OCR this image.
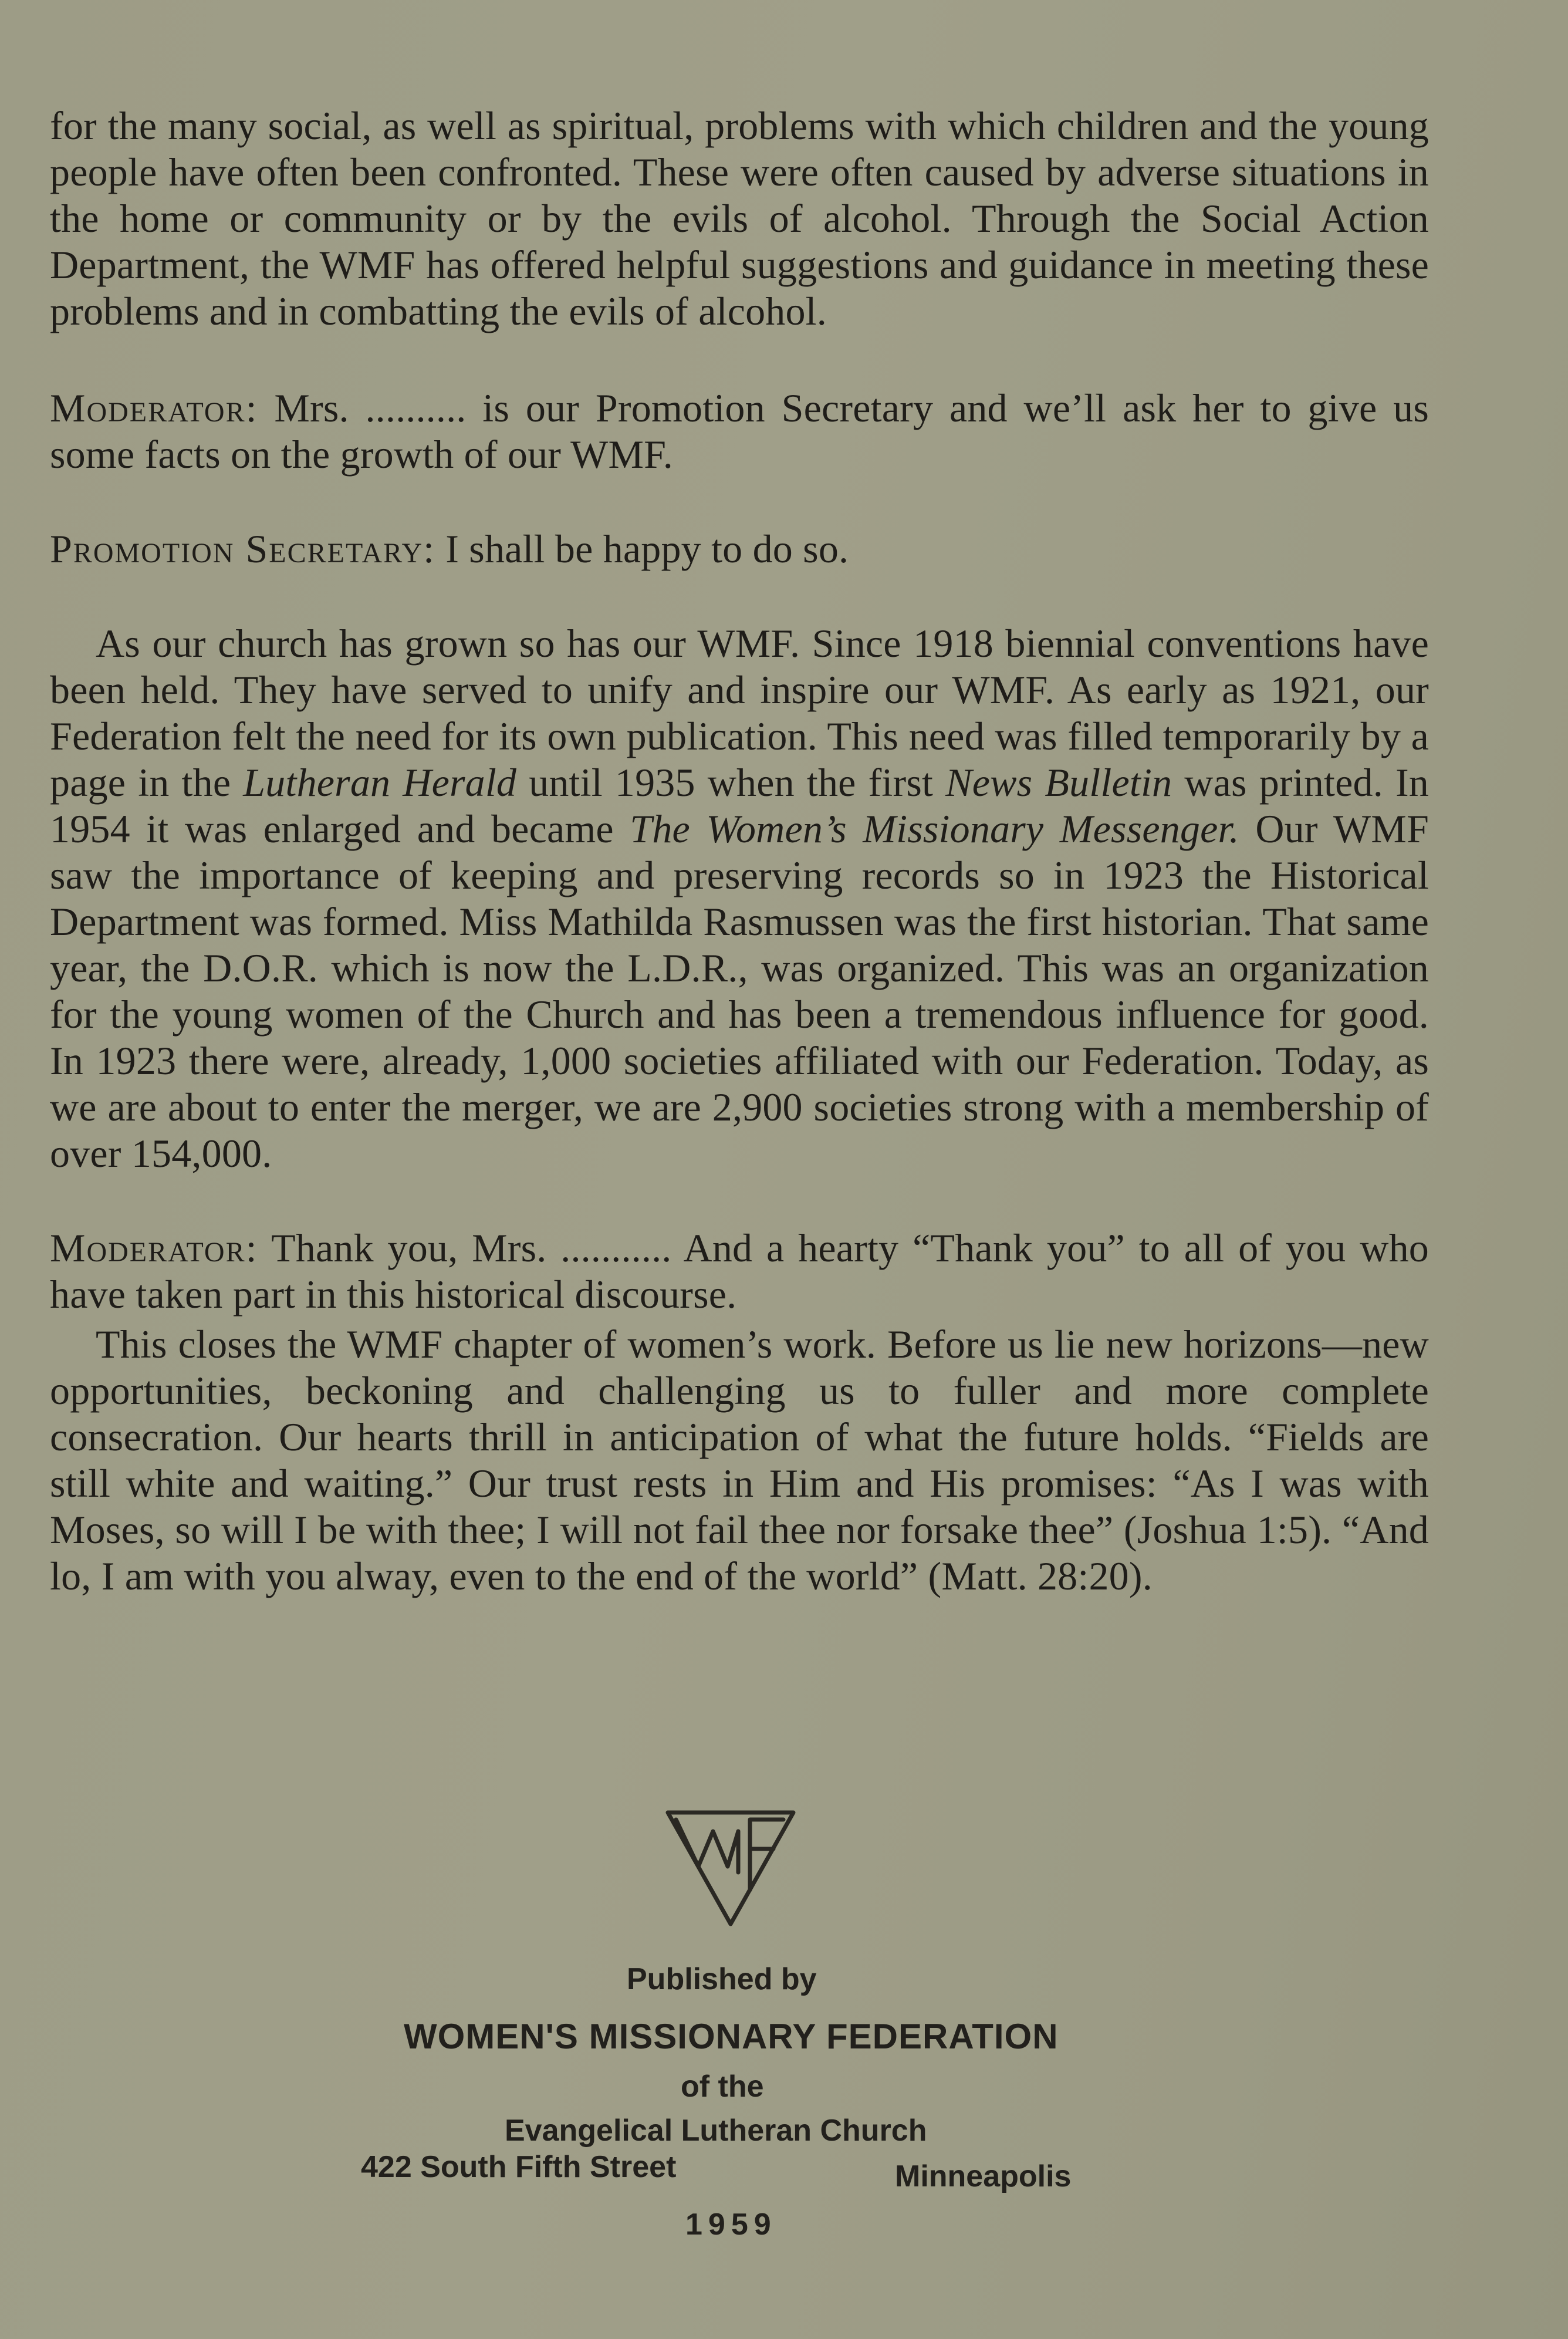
for the many social, as well as spiritual, problems with which children and the young people have often been confronted. These were often caused by adverse situations in the home or community or by the evils of alcohol. Through the Social Action Department, the WMF has offered helpful suggestions and guidance in meeting these problems and in combatting the evils of alcohol.

Moderator: Mrs. .......... is our Promotion Secretary and we’ll ask her to give us some facts on the growth of our WMF.

Promotion Secretary: I shall be happy to do so.

As our church has grown so has our WMF. Since 1918 biennial conventions have been held. They have served to unify and inspire our WMF. As early as 1921, our Federation felt the need for its own publication. This need was filled temporarily by a page in the Lutheran Herald until 1935 when the first News Bulletin was printed. In 1954 it was enlarged and became The Women’s Missionary Messenger. Our WMF saw the importance of keeping and preserving records so in 1923 the Historical Department was formed. Miss Mathilda Rasmussen was the first historian. That same year, the D.O.R. which is now the L.D.R., was organized. This was an organization for the young women of the Church and has been a tremendous influence for good. In 1923 there were, already, 1,000 societies affiliated with our Federation. Today, as we are about to enter the merger, we are 2,900 societies strong with a membership of over 154,000.

Moderator: Thank you, Mrs. ........... And a hearty “Thank you” to all of you who have taken part in this historical discourse.

This closes the WMF chapter of women’s work. Before us lie new horizons—new opportunities, beckoning and challenging us to fuller and more complete consecration. Our hearts thrill in anticipation of what the future holds. “Fields are still white and waiting.” Our trust rests in Him and His promises: “As I was with Moses, so will I be with thee; I will not fail thee nor forsake thee” (Joshua 1:5). “And lo, I am with you alway, even to the end of the world” (Matt. 28:20).

Published by
WOMEN'S MISSIONARY FEDERATION
of the
Evangelical Lutheran Church
422 South Fifth Street	Minneapolis
1959
